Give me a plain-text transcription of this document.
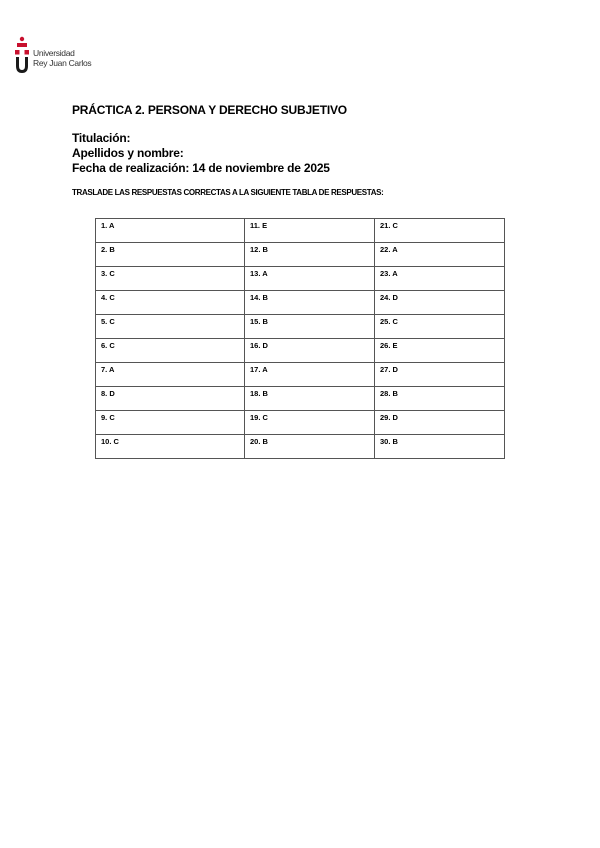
Universidad
Rey Juan Carlos
PRÁCTICA 2. PERSONA Y DERECHO SUBJETIVO
Titulación:
Apellidos y nombre:
Fecha de realización: 14 de noviembre de 2025
TRASLADE LAS RESPUESTAS CORRECTAS A LA SIGUIENTE TABLA DE RESPUESTAS:
1. A	11. E	21. C
2. B	12. B	22. A
3. C	13. A	23. A
4. C	14. B	24. D
5. C	15. B	25. C
6. C	16. D	26. E
7. A	17. A	27. D
8. D	18. B	28. B
9. C	19. C	29. D
10. C	20. B	30. B
